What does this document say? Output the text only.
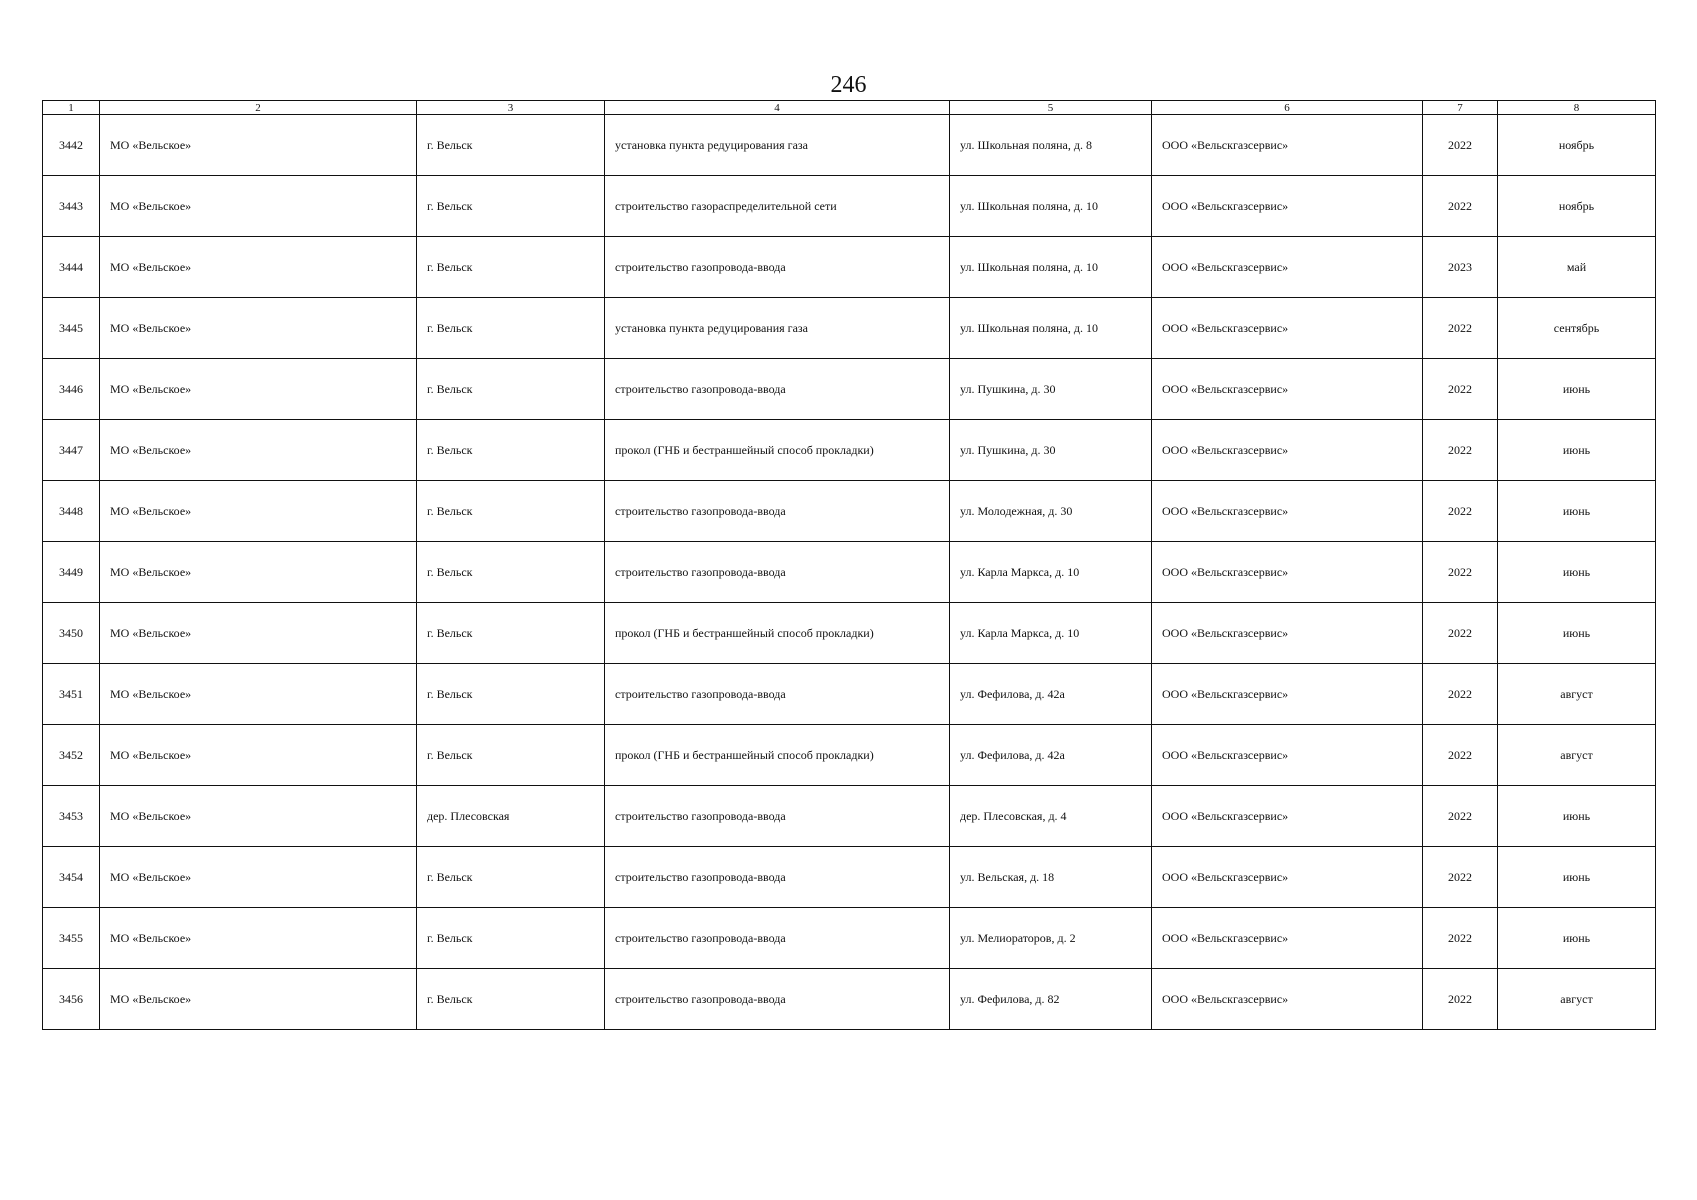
246
1	2	3	4	5	6	7	8
3442	МО «Вельское»	г. Вельск	установка пункта редуцирования газа	ул. Школьная поляна, д. 8	ООО «Вельскгазсервис»	2022	ноябрь
3443	МО «Вельское»	г. Вельск	строительство газораспределительной сети	ул. Школьная поляна, д. 10	ООО «Вельскгазсервис»	2022	ноябрь
3444	МО «Вельское»	г. Вельск	строительство газопровода-ввода	ул. Школьная поляна, д. 10	ООО «Вельскгазсервис»	2023	май
3445	МО «Вельское»	г. Вельск	установка пункта редуцирования газа	ул. Школьная поляна, д. 10	ООО «Вельскгазсервис»	2022	сентябрь
3446	МО «Вельское»	г. Вельск	строительство газопровода-ввода	ул. Пушкина, д. 30	ООО «Вельскгазсервис»	2022	июнь
3447	МО «Вельское»	г. Вельск	прокол (ГНБ и бестраншейный способ прокладки)	ул. Пушкина, д. 30	ООО «Вельскгазсервис»	2022	июнь
3448	МО «Вельское»	г. Вельск	строительство газопровода-ввода	ул. Молодежная, д. 30	ООО «Вельскгазсервис»	2022	июнь
3449	МО «Вельское»	г. Вельск	строительство газопровода-ввода	ул. Карла Маркса, д. 10	ООО «Вельскгазсервис»	2022	июнь
3450	МО «Вельское»	г. Вельск	прокол (ГНБ и бестраншейный способ прокладки)	ул. Карла Маркса, д. 10	ООО «Вельскгазсервис»	2022	июнь
3451	МО «Вельское»	г. Вельск	строительство газопровода-ввода	ул. Фефилова, д. 42а	ООО «Вельскгазсервис»	2022	август
3452	МО «Вельское»	г. Вельск	прокол (ГНБ и бестраншейный способ прокладки)	ул. Фефилова, д. 42а	ООО «Вельскгазсервис»	2022	август
3453	МО «Вельское»	дер. Плесовская	строительство газопровода-ввода	дер. Плесовская, д. 4	ООО «Вельскгазсервис»	2022	июнь
3454	МО «Вельское»	г. Вельск	строительство газопровода-ввода	ул. Вельская, д. 18	ООО «Вельскгазсервис»	2022	июнь
3455	МО «Вельское»	г. Вельск	строительство газопровода-ввода	ул. Мелиораторов, д. 2	ООО «Вельскгазсервис»	2022	июнь
3456	МО «Вельское»	г. Вельск	строительство газопровода-ввода	ул. Фефилова, д. 82	ООО «Вельскгазсервис»	2022	август
